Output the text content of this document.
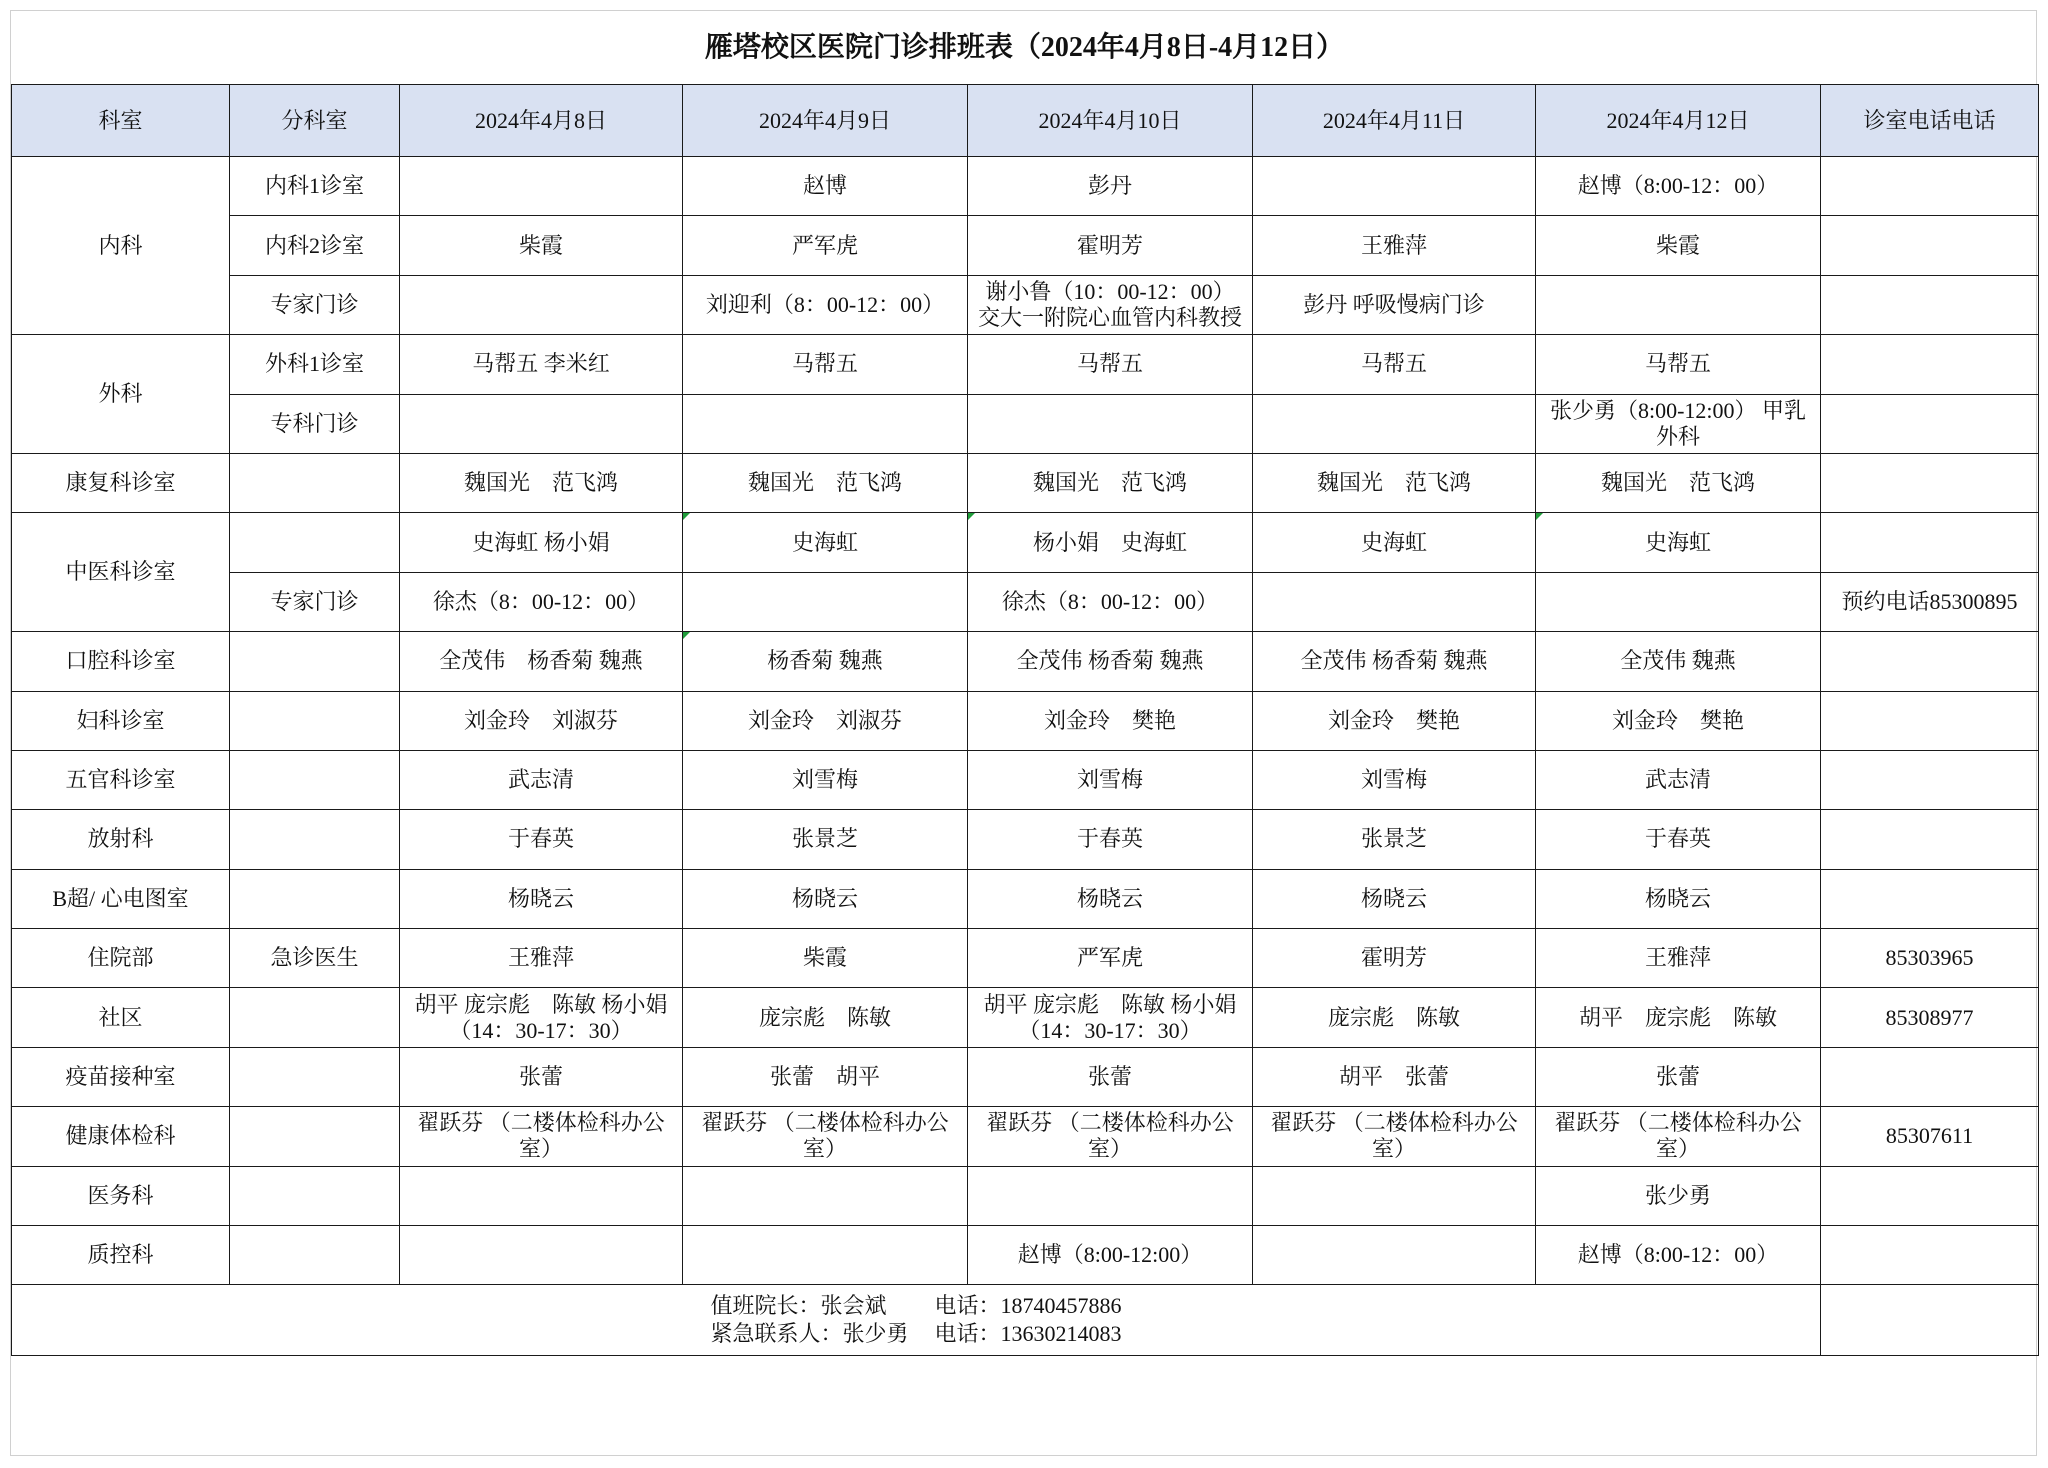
雁塔校区医院门诊排班表（2024年4月8日-4月12日）
科室	分科室	2024年4月8日	2024年4月9日	2024年4月10日	2024年4月11日	2024年4月12日	诊室电话电话
内科	内科1诊室		赵博	彭丹		赵博（8:00-12：00）	
	内科2诊室	柴霞	严军虎	霍明芳	王雅萍	柴霞	
	专家门诊		刘迎利（8：00-12：00）	谢小鲁（10：00-12：00） 交大一附院心血管内科教授	彭丹 呼吸慢病门诊		
外科	外科1诊室	马帮五 李米红	马帮五	马帮五	马帮五	马帮五	
	专科门诊					张少勇（8:00-12:00） 甲乳外科	
康复科诊室		魏国光　范飞鸿	魏国光　范飞鸿	魏国光　范飞鸿	魏国光　范飞鸿	魏国光　范飞鸿	
中医科诊室		史海虹 杨小娟	史海虹	杨小娟　史海虹	史海虹	史海虹	
	专家门诊	徐杰（8：00-12：00）		徐杰（8：00-12：00）			预约电话85300895
口腔科诊室		全茂伟　杨香菊 魏燕	杨香菊 魏燕	全茂伟 杨香菊 魏燕	全茂伟 杨香菊 魏燕	全茂伟 魏燕	
妇科诊室		刘金玲　刘淑芬	刘金玲　刘淑芬	刘金玲　樊艳	刘金玲　樊艳	刘金玲　樊艳	
五官科诊室		武志清	刘雪梅	刘雪梅	刘雪梅	武志清	
放射科		于春英	张景芝	于春英	张景芝	于春英	
B超/ 心电图室		杨晓云	杨晓云	杨晓云	杨晓云	杨晓云	
住院部	急诊医生	王雅萍	柴霞	严军虎	霍明芳	王雅萍	85303965
社区		胡平 庞宗彪　陈敏 杨小娟（14：30-17：30）	庞宗彪　陈敏	胡平 庞宗彪　陈敏 杨小娟（14：30-17：30）	庞宗彪　陈敏	胡平　庞宗彪　陈敏	85308977
疫苗接种室		张蕾	张蕾　胡平	张蕾	胡平　张蕾	张蕾	
健康体检科		翟跃芬 （二楼体检科办公室）	翟跃芬 （二楼体检科办公室）	翟跃芬 （二楼体检科办公室）	翟跃芬 （二楼体检科办公室）	翟跃芬 （二楼体检科办公室）	85307611
医务科						张少勇	
质控科				赵博（8:00-12:00）		赵博（8:00-12：00）	

值班院长：张会斌 电话：18740457886
紧急联系人：张少勇 电话：13630214083							
